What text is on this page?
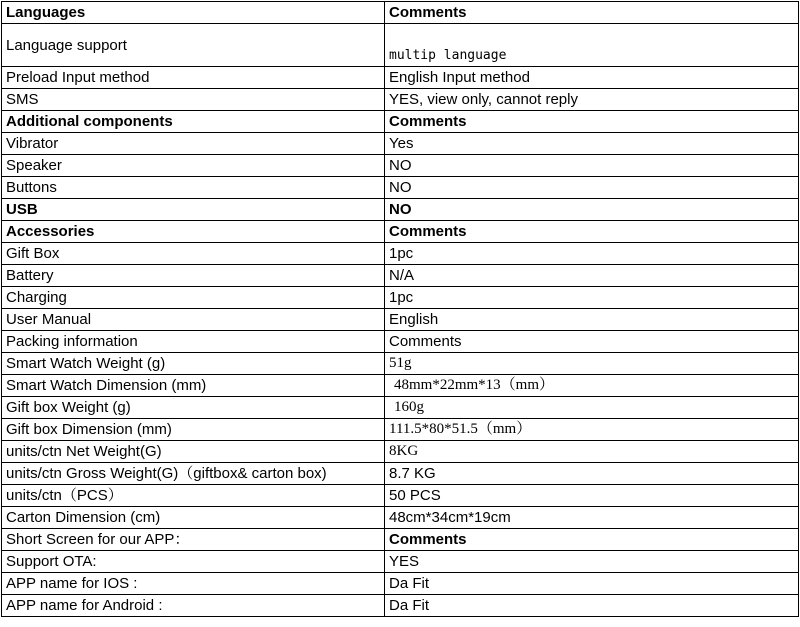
Languages	Comments
Language support	multip language
Preload Input method	English Input method
SMS	YES, view only, cannot reply
Additional components	Comments
Vibrator	Yes
Speaker	NO
Buttons	NO
USB	NO
Accessories	Comments
Gift Box	1pc
Battery	N/A
Charging	1pc
User Manual	English
Packing information	Comments
Smart Watch Weight (g)	51g
Smart Watch Dimension (mm)	48mm*22mm*13（mm）
Gift box Weight (g)	160g
Gift box Dimension (mm)	111.5*80*51.5（mm）
units/ctn Net Weight(G)	8KG
units/ctn Gross Weight(G)（giftbox& carton box)	8.7 KG
units/ctn（PCS）	50 PCS
Carton Dimension (cm)	48cm*34cm*19cm
Short Screen for our APP：	Comments
Support OTA:	YES
APP name for IOS :	Da Fit
APP name for Android :	Da Fit
